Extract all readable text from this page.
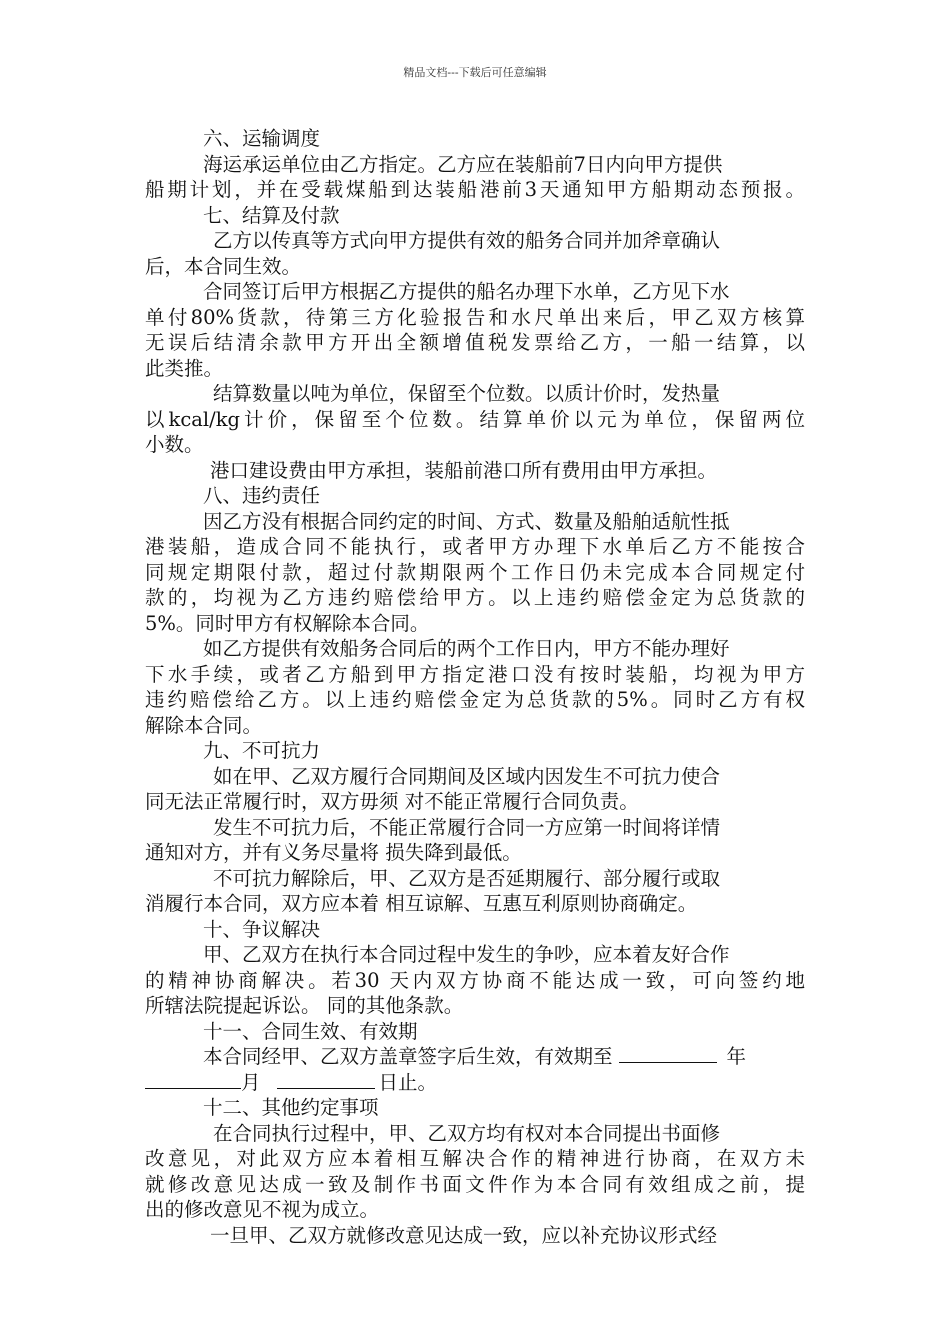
精品文档---下载后可任意编辑
六、运输调度
海运承运单位由乙方指定。乙方应在装船前7日内向甲方提供
船期计划，并在受载煤船到达装船港前3天通知甲方船期动态预报。
七、结算及付款
乙方以传真等方式向甲方提供有效的船务合同并加斧章确认
后，本合同生效。
合同签订后甲方根据乙方提供的船名办理下水单，乙方见下水
单付80%货款，待第三方化验报告和水尺单出来后，甲乙双方核算
无误后结清余款甲方开出全额增值税发票给乙方，一船一结算，以
此类推。
结算数量以吨为单位，保留至个位数。以质计价时，发热量
以kcal/kg计价，保留至个位数。结算单价以元为单位，保留两位
小数。
港口建设费由甲方承担，装船前港口所有费用由甲方承担。
八、违约责任
因乙方没有根据合同约定的时间、方式、数量及船舶适航性抵
港装船，造成合同不能执行，或者甲方办理下水单后乙方不能按合
同规定期限付款，超过付款期限两个工作日仍未完成本合同规定付
款的，均视为乙方违约赔偿给甲方。以上违约赔偿金定为总货款的
5%。同时甲方有权解除本合同。
如乙方提供有效船务合同后的两个工作日内，甲方不能办理好
下水手续，或者乙方船到甲方指定港口没有按时装船，均视为甲方
违约赔偿给乙方。以上违约赔偿金定为总货款的5%。同时乙方有权
解除本合同。
九、不可抗力
如在甲、乙双方履行合同期间及区域内因发生不可抗力使合
同无法正常履行时，双方毋须 对不能正常履行合同负责。
发生不可抗力后，不能正常履行合同一方应第一时间将详情
通知对方，并有义务尽量将 损失降到最低。
不可抗力解除后，甲、乙双方是否延期履行、部分履行或取
消履行本合同，双方应本着 相互谅解、互惠互利原则协商确定。
十、争议解决
甲、乙双方在执行本合同过程中发生的争吵，应本着友好合作
的精神协商解决。若30 天内双方协商不能达成一致，可向签约地
所辖法院提起诉讼。 同的其他条款。
十一、合同生效、有效期
本合同经甲、乙双方盖章签字后生效，有效期至	年
月	日止。
十二、其他约定事项
在合同执行过程中，甲、乙双方均有权对本合同提出书面修
改意见，对此双方应本着相互解决合作的精神进行协商，在双方未
就修改意见达成一致及制作书面文件作为本合同有效组成之前，提
出的修改意见不视为成立。
一旦甲、乙双方就修改意见达成一致，应以补充协议形式经
